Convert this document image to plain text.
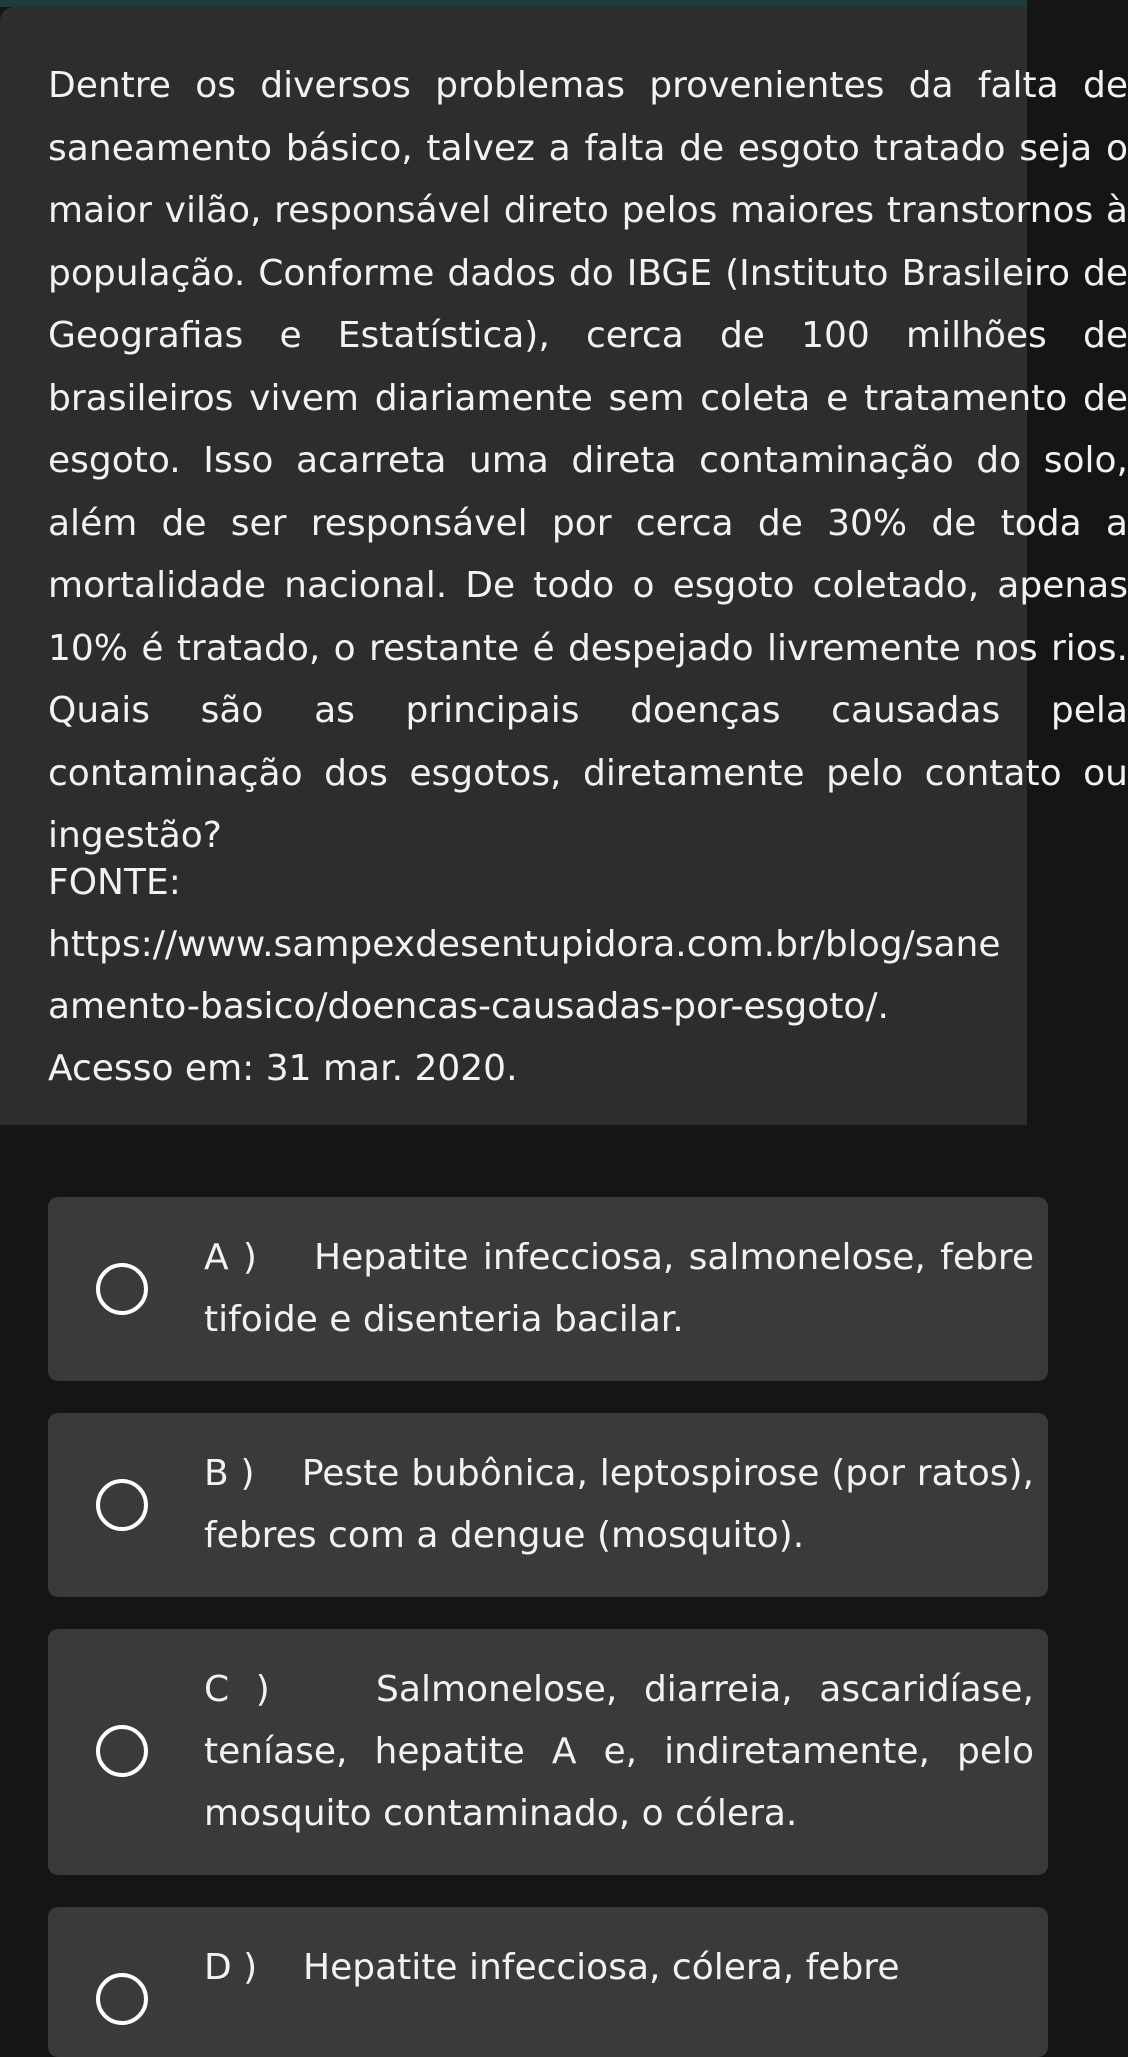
Dentre os diversos problemas provenientes da falta de saneamento básico, talvez a falta de esgoto tratado seja o maior vilão, responsável direto pelos maiores transtornos à população. Conforme dados do IBGE (Instituto Brasileiro de Geografias e Estatística), cerca de 100 milhões de brasileiros vivem diariamente sem coleta e tratamento de esgoto. Isso acarreta uma direta contaminação do solo, além de ser responsável por cerca de 30% de toda a mortalidade nacional. De todo o esgoto coletado, apenas 10% é tratado, o restante é despejado livremente nos rios. Quais são as principais doenças causadas pela contaminação dos esgotos, diretamente pelo contato ou ingestão?
FONTE:
https://www.sampexdesentupidora.com.br/blog/sane
amento-basico/doencas-causadas-por-esgoto/.
Acesso em: 31 mar. 2020.
A ) Hepatite infecciosa, salmonelose, febre tifoide e disenteria bacilar.
B ) Peste bubônica, leptospirose (por ratos), febres com a dengue (mosquito).
C )	Salmonelose, diarreia, ascaridíase, teníase, hepatite A e, indiretamente, pelo mosquito contaminado, o cólera.
D ) Hepatite infecciosa, cólera, febre
